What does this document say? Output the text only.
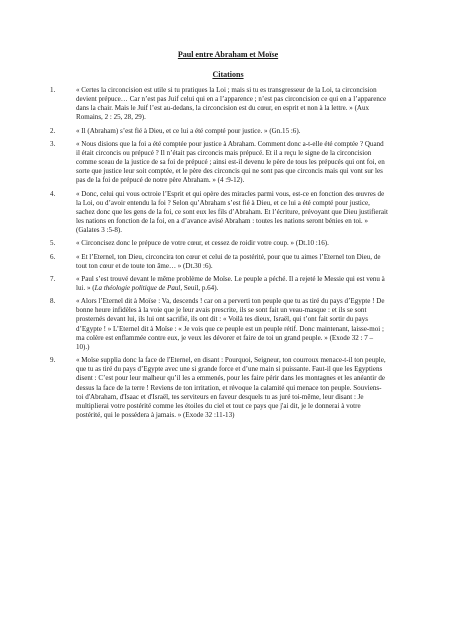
Paul entre Abraham et Moïse
Citations
1.	« Certes la circoncision est utile si tu pratiques la Loi ; mais si tu es transgresseur de la Loi, ta circoncision devient prépuce… Car n’est pas Juif celui qui en a l’apparence ; n’est pas circoncision ce qui en a l’apparence dans la chair. Mais le Juif l’est au-dedans, la circoncision est du cœur, en esprit et non à la lettre. » (Aux Romains, 2 : 25, 28, 29).
2.	« Il (Abraham) s’est fié à Dieu, et ce lui a été compté pour justice. » (Gn.15 :6).
3.	« Nous disions que la foi a été comptée pour justice à Abraham. Comment donc a-t-elle été comptée ? Quand il était circoncis ou prépucé ? Il n’était pas circoncis mais prépucé. Et il a reçu le signe de la circoncision comme sceau de la justice de sa foi de prépucé ; ainsi est-il devenu le père de tous les prépucés qui ont foi, en sorte que justice leur soit comptée, et le père des circoncis qui ne sont pas que circoncis mais qui vont sur les pas de la foi de prépucé de notre père Abraham. » (4 :9-12).
4.	« Donc, celui qui vous octroie l’Esprit et qui opère des miracles parmi vous, est-ce en fonction des œuvres de la Loi, ou d’avoir entendu la foi ? Selon qu’Abraham s’est fié à Dieu, et ce lui a été compté pour justice, sachez donc que les gens de la foi, ce sont eux les fils d’Abraham. Et l’écriture, prévoyant que Dieu justifierait les nations en fonction de la foi, en a d’avance avisé Abraham : toutes les nations seront bénies en toi. » (Galates 3 :5-8).
5.	« Circoncisez donc le prépuce de votre cœur, et cessez de roidir votre coup. » (Dt.10 :16).
6.	« Et l’Eternel, ton Dieu, circoncira ton cœur et celui de ta postérité, pour que tu aimes l’Eternel ton Dieu, de tout ton cœur et de toute ton âme… » (Dt.30 :6).
7.	« Paul s’est trouvé devant le même problème de Moïse. Le peuple a péché. Il a rejeté le Messie qui est venu à lui. » (La théologie politique de Paul, Seuil, p.64).
8.	« Alors l’Eternel dit à Moïse : Va, descends ! car on a perverti ton peuple que tu as tiré du pays d’Egypte ! De bonne heure infidèles à la voie que je leur avais prescrite, ils se sont fait un veau-masque : et ils se sont prosternés devant lui, ils lui ont sacrifié, ils ont dit : « Voilà tes dieux, Israël, qui t’ont fait sortir du pays d’Egypte ! » L’Eternel dit à Moïse : « Je vois que ce peuple est un peuple rétif. Donc maintenant, laisse-moi ; ma colère est enflammée contre eux, je veux les dévorer et faire de toi un grand peuple. » (Exode 32 : 7 – 10).)
9.	« Moïse supplia donc la face de l'Eternel, en disant : Pourquoi, Seigneur, ton courroux menace-t-il ton peuple, que tu as tiré du pays d’Egypte avec une si grande force et d’une main si puissante. Faut-il que les Egyptiens disent : C’est pour leur malheur qu’il les a emmenés, pour les faire périr dans les montagnes et les anéantir de dessus la face de la terre ! Reviens de ton irritation, et révoque la calamité qui menace ton peuple. Souviens-toi d'Abraham, d'Isaac et d'Israël, tes serviteurs en faveur desquels tu as juré toi-même, leur disant : Je multiplierai votre postérité comme les étoiles du ciel et tout ce pays que j'ai dit, je le donnerai à votre postérité, qui le possédera à jamais. » (Exode 32 :11-13)
